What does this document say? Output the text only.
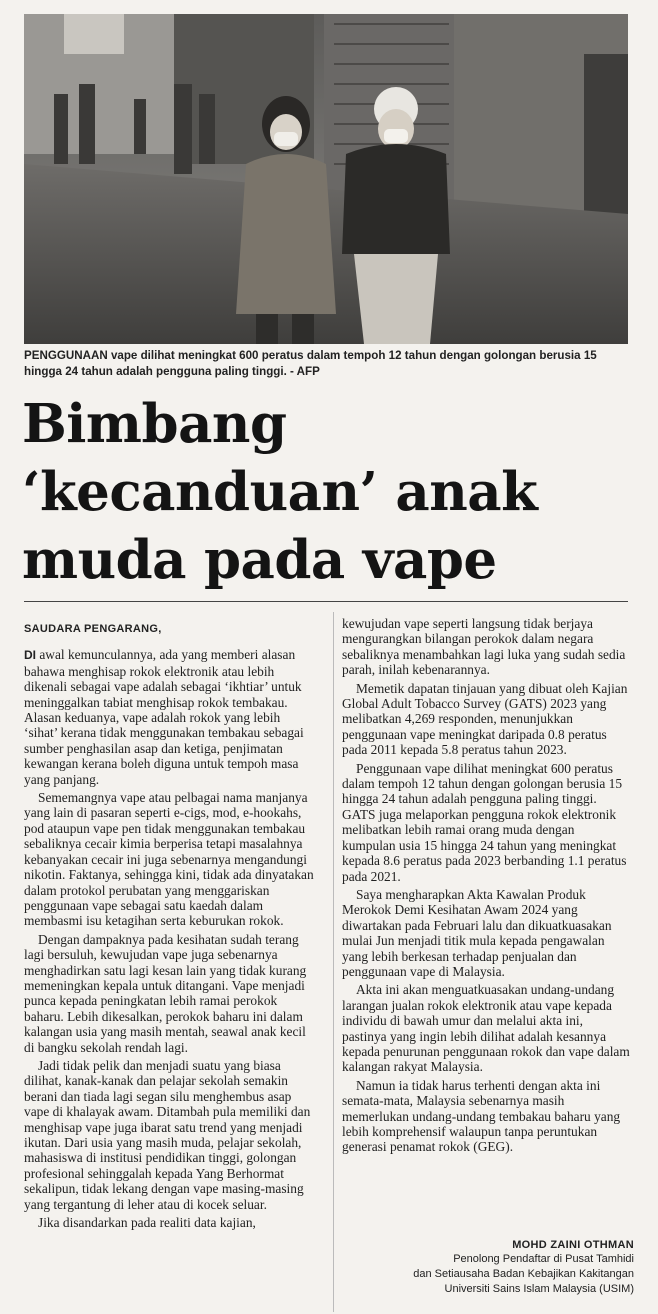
PENGGUNAAN vape dilihat meningkat 600 peratus dalam tempoh 12 tahun dengan golongan berusia 15 hingga 24 tahun adalah pengguna paling tinggi. - AFP
Bimbang
‘kecanduan’ anak
muda pada vape
SAUDARA PENGARANG,

DI awal kemunculannya, ada yang memberi alasan bahawa menghisap rokok elektronik atau lebih dikenali sebagai vape adalah sebagai ‘ikhtiar’ untuk meninggalkan tabiat menghisap rokok tembakau. Alasan keduanya, vape adalah rokok yang lebih ‘sihat’ kerana tidak menggunakan tembakau sebagai sumber penghasilan asap dan ketiga, penjimatan kewangan kerana boleh diguna untuk tempoh masa yang panjang.

Sememangnya vape atau pelbagai nama manjanya yang lain di pasaran seperti e-cigs, mod, e-hookahs, pod ataupun vape pen tidak menggunakan tembakau sebaliknya cecair kimia berperisa tetapi masalahnya kebanyakan cecair ini juga sebenarnya mengandungi nikotin. Faktanya, sehingga kini, tidak ada dinyatakan dalam protokol perubatan yang menggariskan penggunaan vape sebagai satu kaedah dalam membasmi isu ketagihan serta keburukan rokok.

Dengan dampaknya pada kesihatan sudah terang lagi bersuluh, kewujudan vape juga sebenarnya menghadirkan satu lagi kesan lain yang tidak kurang memeningkan kepala untuk ditangani. Vape menjadi punca kepada peningkatan lebih ramai perokok baharu. Lebih dikesalkan, perokok baharu ini dalam kalangan usia yang masih mentah, seawal anak kecil di bangku sekolah rendah lagi.

Jadi tidak pelik dan menjadi suatu yang biasa dilihat, kanak-kanak dan pelajar sekolah semakin berani dan tiada lagi segan silu menghembus asap vape di khalayak awam. Ditambah pula memiliki dan menghisap vape juga ibarat satu trend yang menjadi ikutan. Dari usia yang masih muda, pelajar sekolah, mahasiswa di institusi pendidikan tinggi, golongan profesional sehinggalah kepada Yang Berhormat sekalipun, tidak lekang dengan vape masing-masing yang tergantung di leher atau di kocek seluar.

Jika disandarkan pada realiti data kajian,

kewujudan vape seperti langsung tidak berjaya mengurangkan bilangan perokok dalam negara sebaliknya menambahkan lagi luka yang sudah sedia parah, inilah kebenarannya.

Memetik dapatan tinjauan yang dibuat oleh Kajian Global Adult Tobacco Survey (GATS) 2023 yang melibatkan 4,269 responden, menunjukkan penggunaan vape meningkat daripada 0.8 peratus pada 2011 kepada 5.8 peratus tahun 2023.

Penggunaan vape dilihat meningkat 600 peratus dalam tempoh 12 tahun dengan golongan berusia 15 hingga 24 tahun adalah pengguna paling tinggi. GATS juga melaporkan pengguna rokok elektronik melibatkan lebih ramai orang muda dengan kumpulan usia 15 hingga 24 tahun yang meningkat kepada 8.6 peratus pada 2023 berbanding 1.1 peratus pada 2021.

Saya mengharapkan Akta Kawalan Produk Merokok Demi Kesihatan Awam 2024 yang diwartakan pada Februari lalu dan dikuatkuasakan mulai Jun menjadi titik mula kepada pengawalan yang lebih berkesan terhadap penjualan dan penggunaan vape di Malaysia.

Akta ini akan menguatkuasakan undang-undang larangan jualan rokok elektronik atau vape kepada individu di bawah umur dan melalui akta ini, pastinya yang ingin lebih dilihat adalah kesannya kepada penurunan penggunaan rokok dan vape dalam kalangan rakyat Malaysia.

Namun ia tidak harus terhenti dengan akta ini semata-mata, Malaysia sebenarnya masih memerlukan undang-undang tembakau baharu yang lebih komprehensif walaupun tanpa peruntukan generasi penamat rokok (GEG).

MOHD ZAINI OTHMAN
Penolong Pendaftar di Pusat Tamhidi
dan Setiausaha Badan Kebajikan Kakitangan
Universiti Sains Islam Malaysia (USIM)
